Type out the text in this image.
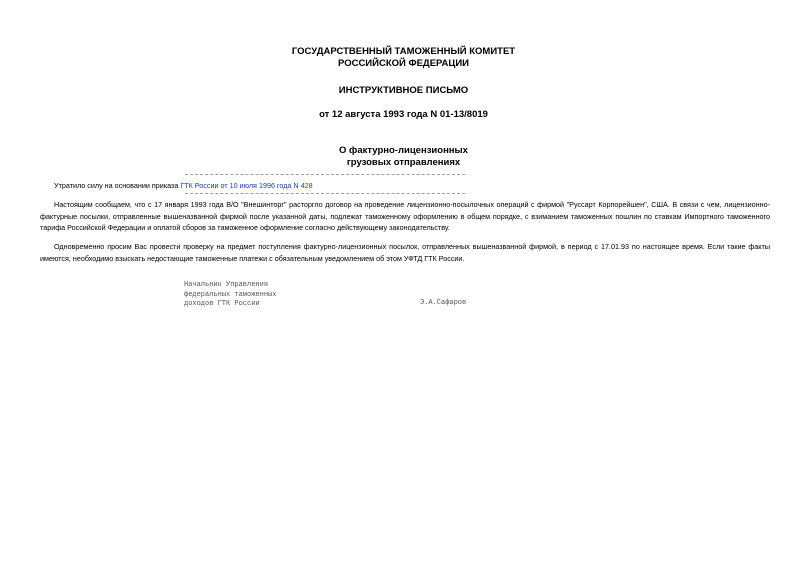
ГОСУДАРСТВЕННЫЙ ТАМОЖЕННЫЙ КОМИТЕТ
РОССИЙСКОЙ ФЕДЕРАЦИИ
ИНСТРУКТИВНОЕ ПИСЬМО
от 12 августа 1993 года N 01-13/8019
О фактурно-лицензионных
грузовых отправлениях
Утратило силу на основании приказа ГТК России от 10 июля 1996 года N 428
Настоящим сообщаем, что с 17 января 1993 года В/О "Внешинторг" расторгло договор на проведение лицензионно-посылочных операций с фирмой "Руссарт Корпорейшен", США. В связи с чем, лицензионно-фактурные посылки, отправленные вышеназванной фирмой после указанной даты, подлежат таможенному оформлению в общем порядке, с взиманием таможенных пошлин по ставкам Импортного таможенного тарифа Российской Федерации и оплатой сборов за таможенное оформление согласно действующему законодательству.
Одновременно просим Вас провести проверку на предмет поступления фактурно-лицензионных посылок, отправленных вышеназванной фирмой, в период с 17.01.93 по настоящее время. Если такие факты имеются, необходимо взыскать недостающие таможенные платежи с обязательным уведомлением об этом УФТД ГТК России.
Начальник Управления
федеральных таможенных
доходов ГТК России	Э.А.Сафаров
